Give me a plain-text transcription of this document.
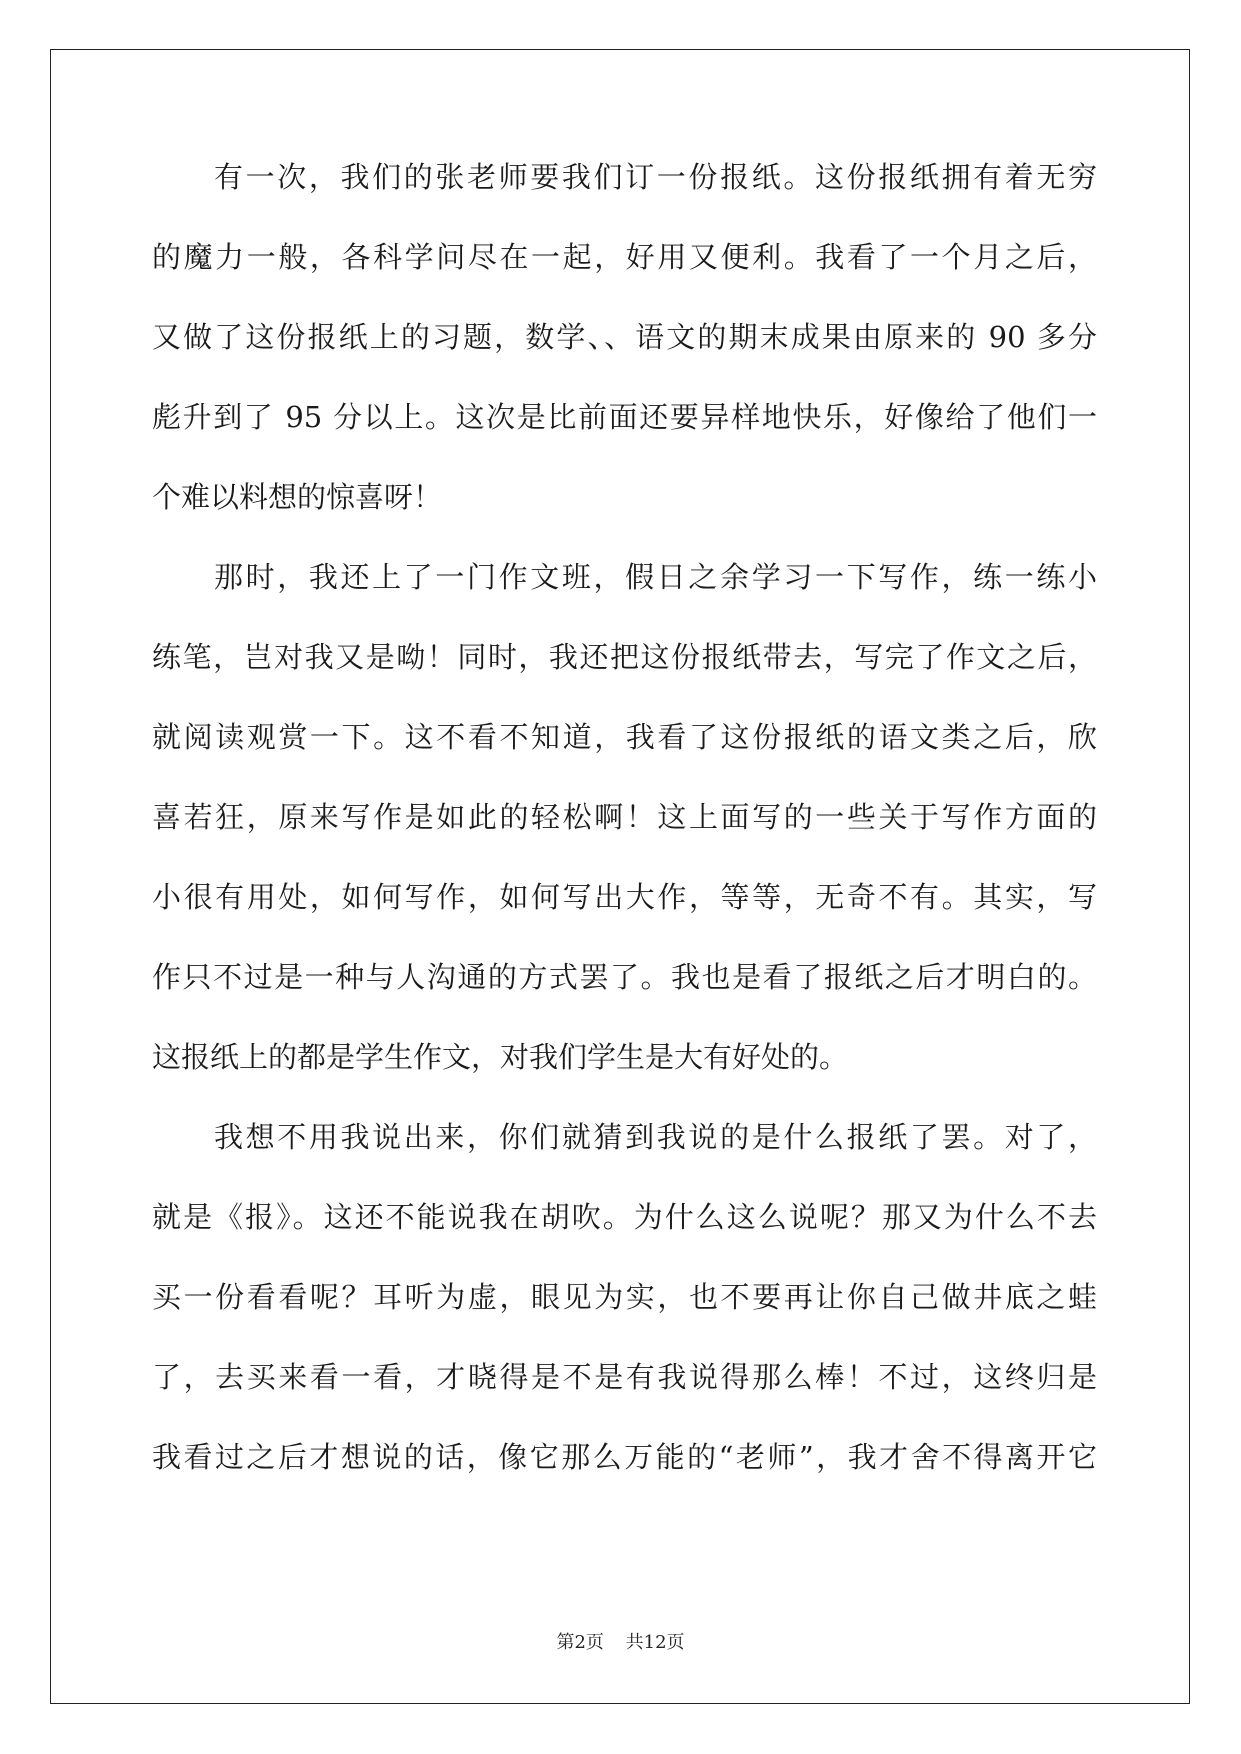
有一次，我们的张老师要我们订一份报纸。这份报纸拥有着无穷
的魔力一般，各科学问尽在一起，好用又便利。我看了一个月之后，
又做了这份报纸上的习题，数学、、语文的期末成果由原来的 90 多分
彪升到了 95 分以上。这次是比前面还要异样地快乐，好像给了他们一
个难以料想的惊喜呀！
那时，我还上了一门作文班，假日之余学习一下写作，练一练小
练笔，岂对我又是呦！同时，我还把这份报纸带去，写完了作文之后，
就阅读观赏一下。这不看不知道，我看了这份报纸的语文类之后，欣
喜若狂，原来写作是如此的轻松啊！这上面写的一些关于写作方面的
小很有用处，如何写作，如何写出大作，等等，无奇不有。其实，写
作只不过是一种与人沟通的方式罢了。我也是看了报纸之后才明白的。
这报纸上的都是学生作文，对我们学生是大有好处的。
我想不用我说出来，你们就猜到我说的是什么报纸了罢。对了，
就是《报》。这还不能说我在胡吹。为什么这么说呢？那又为什么不去
买一份看看呢？耳听为虚，眼见为实，也不要再让你自己做井底之蛙
了，去买来看一看，才晓得是不是有我说得那么棒！不过，这终归是
我看过之后才想说的话，像它那么万能的“老师”，我才舍不得离开它
第2页 共12页
